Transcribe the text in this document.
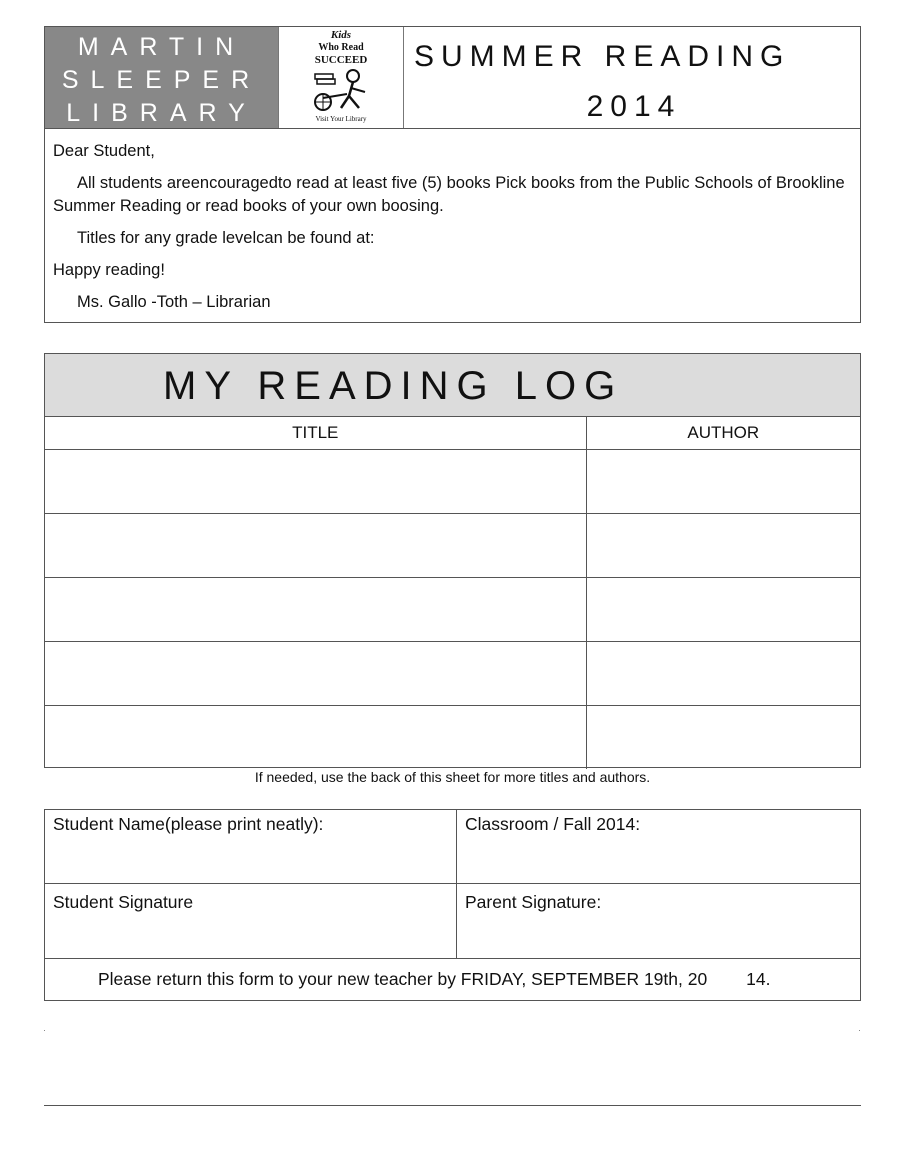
MARTIN
SLEEPER
LIBRARY
Kids
Who Read
SUCCEED
Visit Your Library
SUMMER READING
2014

Dear Student,

All students areencouragedto read at least five (5) books Pick books from the Public Schools of Brookline Summer Reading or read books of your own boosing.

Titles for any grade levelcan be found at:

Happy reading!

Ms. Gallo -Toth – Librarian

MY READING LOG
TITLE	AUTHOR

If needed, use the back of this sheet for more titles and authors.
Student Name(please print neatly):	Classroom / Fall 2014:
Student Signature	Parent Signature:
Please return this form to your new teacher by FRIDAY, SEPTEMBER 19th, 20        14.
